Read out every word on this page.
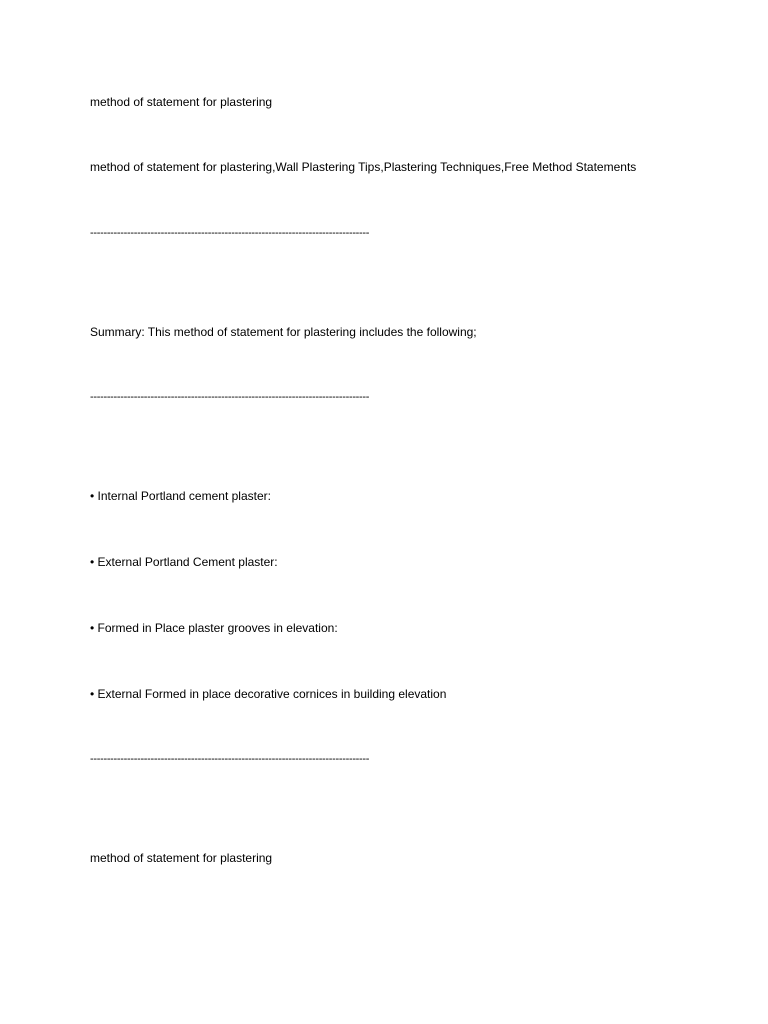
method of statement for plastering

method of statement for plastering,Wall Plastering Tips,Plastering Techniques,Free Method Statements

-----------------------------------------------------------------------------------

Summary: This method of statement for plastering includes the following;

-----------------------------------------------------------------------------------

• Internal Portland cement plaster:

• External Portland Cement plaster:

• Formed in Place plaster grooves in elevation:

• External Formed in place decorative cornices in building elevation

-----------------------------------------------------------------------------------

method of statement for plastering
